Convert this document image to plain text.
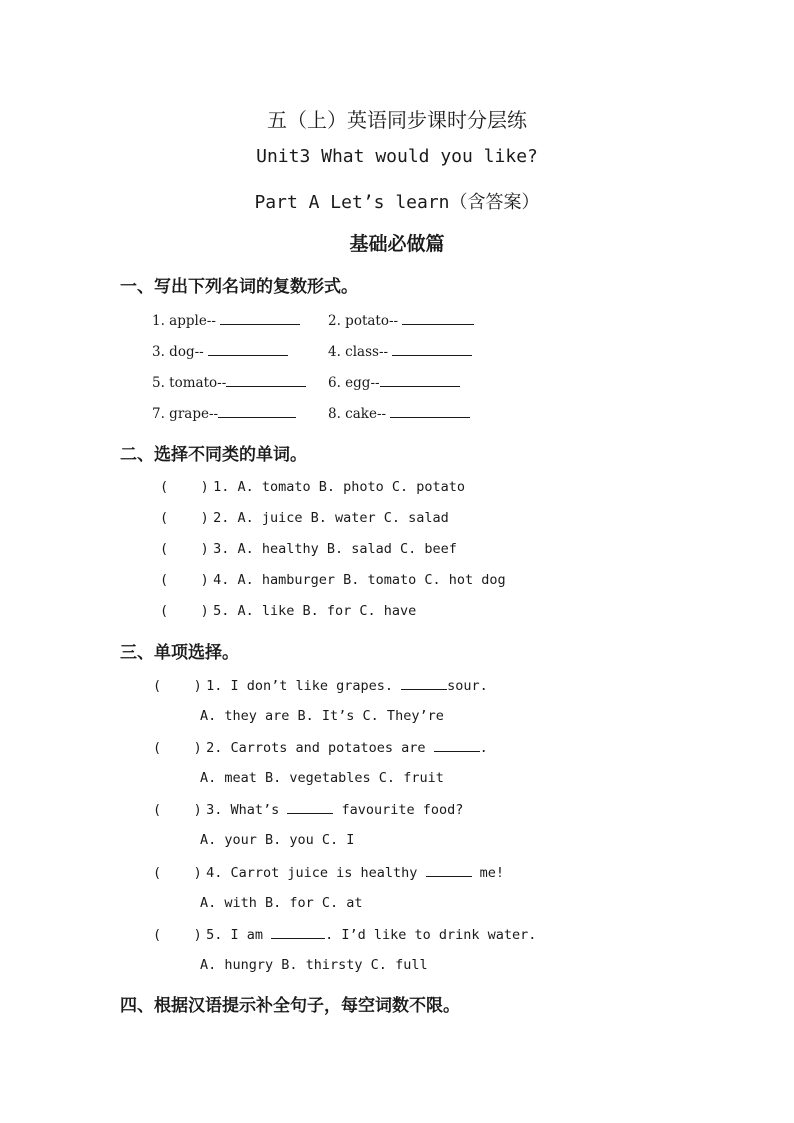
五（上）英语同步课时分层练
Unit3 What would you like?
Part A Let’s learn（含答案）
基础必做篇
一、写出下列名词的复数形式。
1. apple--	2. potato--
3. dog--	4. class--
5. tomato--	6. egg--
7. grape--	8. cake--
二、选择不同类的单词。
(    ) 1. A. tomato B. photo C. potato
(    ) 2. A. juice B. water C. salad
(    ) 3. A. healthy B. salad C. beef
(    ) 4. A. hamburger B. tomato C. hot dog
(    ) 5. A. like B. for C. have
三、单项选择。
(    ) 1. I don’t like grapes.	sour.
A. they are B. It’s C. They’re
(    ) 2. Carrots and potatoes are	.
A. meat B. vegetables C. fruit
(    ) 3. What’s	favourite food?
A. your B. you C. I
(    ) 4. Carrot juice is healthy	me!
A. with B. for C. at
(    ) 5. I am	. I’d like to drink water.
A. hungry B. thirsty C. full
四、根据汉语提示补全句子，每空词数不限。
